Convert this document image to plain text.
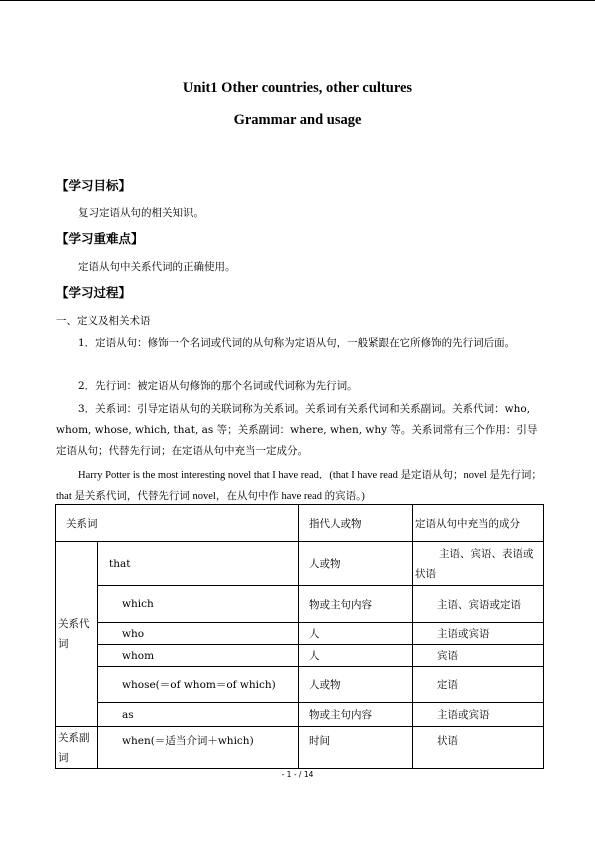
Unit1 Other countries, other cultures
Grammar and usage
【学习目标】
复习定语从句的相关知识。
【学习重难点】
定语从句中关系代词的正确使用。
【学习过程】
一、定义及相关术语
1．定语从句：修饰一个名词或代词的从句称为定语从句，一般紧跟在它所修饰的先行词后面。
2．先行词：被定语从句修饰的那个名词或代词称为先行词。
3．关系词：引导定语从句的关联词称为关系词。关系词有关系代词和关系副词。关系代词：who, whom, whose, which, that, as 等；关系副词：where, when, why 等。关系词常有三个作用：引导定语从句；代替先行词；在定语从句中充当一定成分。
Harry Potter is the most interesting novel that I have read．(that I have read 是定语从句；novel 是先行词；that 是关系代词，代替先行词 novel，在从句中作 have read 的宾语。)
关系词		指代人或物	定语从句中充当的成分
关系代词	that	人或物	主语、宾语、表语或状语

	which	物或主句内容	主语、宾语或定语
	who	人	主语或宾语
	whom	人	宾语
	whose(＝of whom＝of which)	人或物	定语
	as	物或主句内容	主语或宾语
关系副词	when(＝适当介词＋which)	时间	状语
- 1 - / 14
